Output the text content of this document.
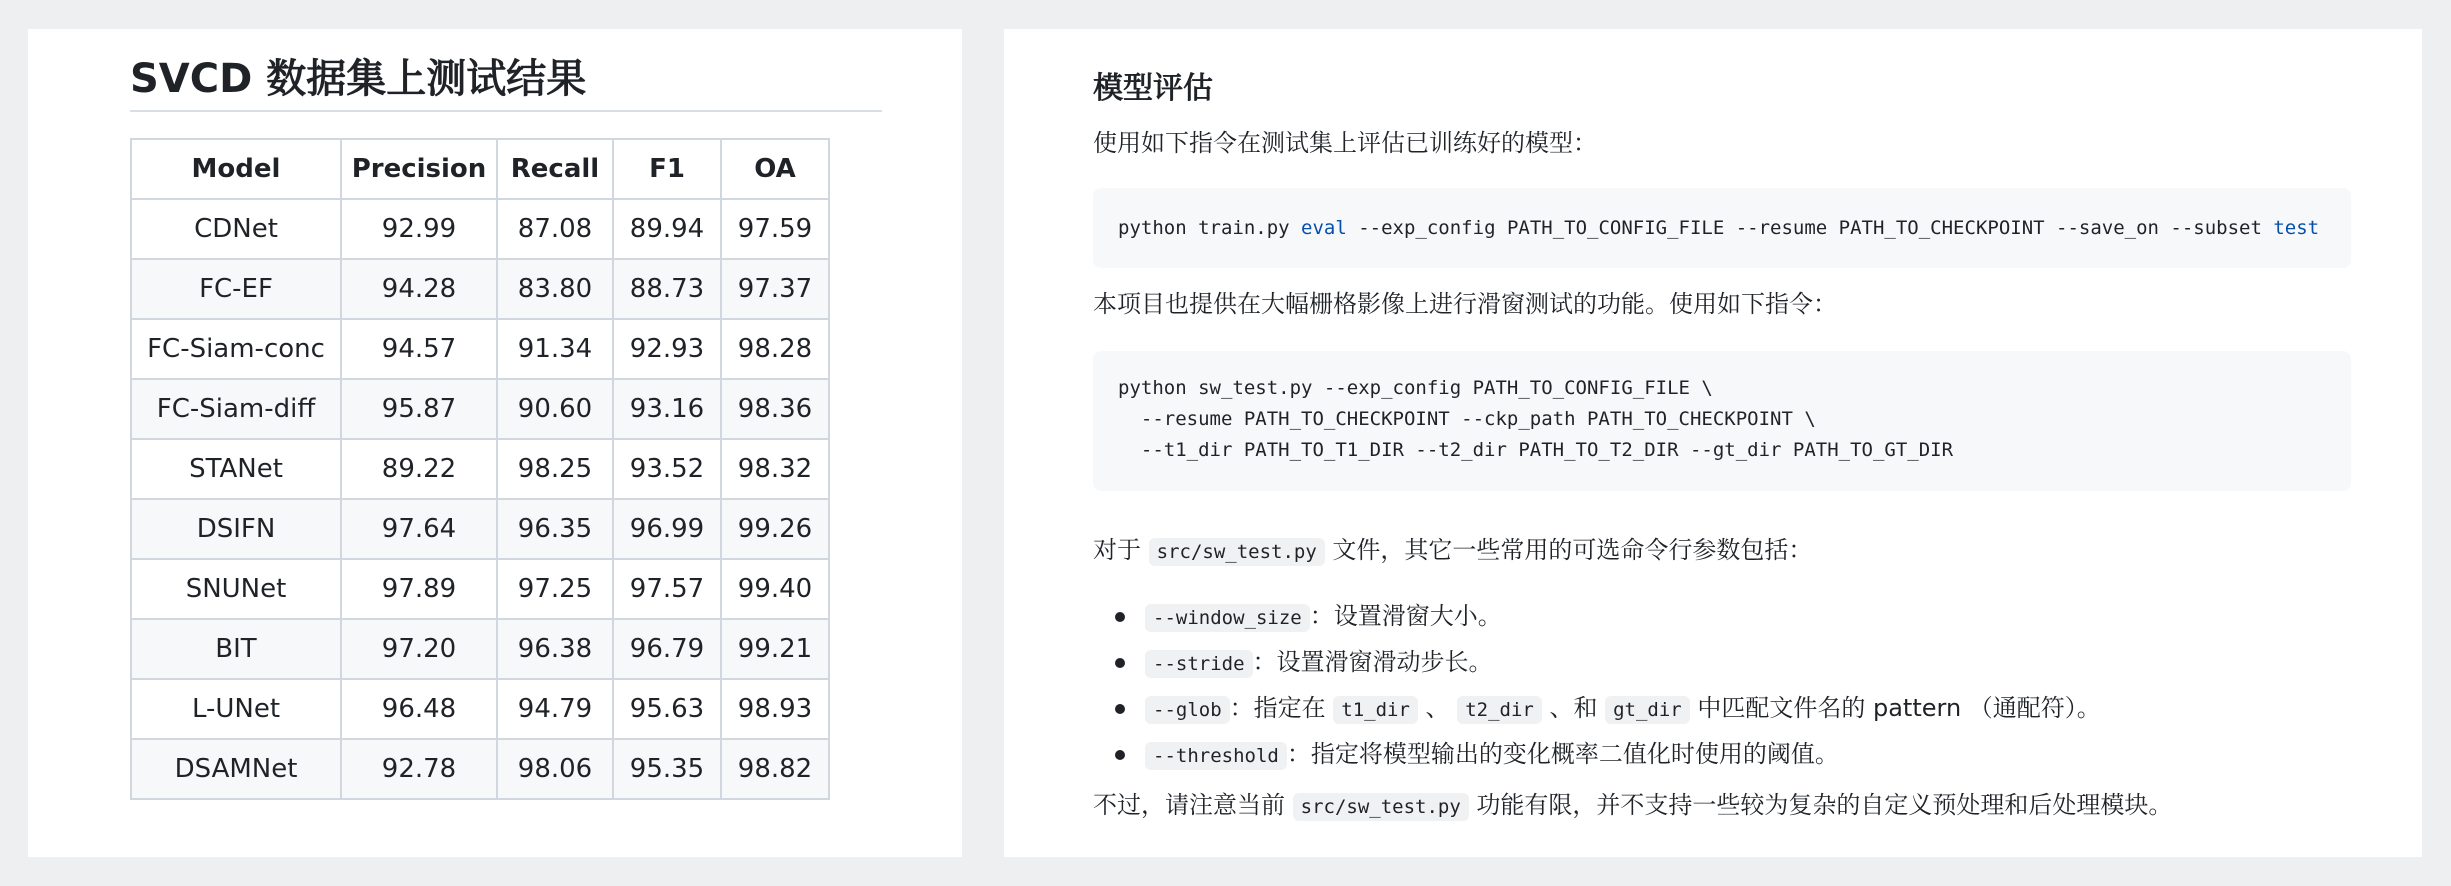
SVCD 数据集上测试结果
Model	Precision	Recall	F1	OA
CDNet	92.99	87.08	89.94	97.59
FC-EF	94.28	83.80	88.73	97.37
FC-Siam-conc	94.57	91.34	92.93	98.28
FC-Siam-diff	95.87	90.60	93.16	98.36
STANet	89.22	98.25	93.52	98.32
DSIFN	97.64	96.35	96.99	99.26
SNUNet	97.89	97.25	97.57	99.40
BIT	97.20	96.38	96.79	99.21
L-UNet	96.48	94.79	95.63	98.93
DSAMNet	92.78	98.06	95.35	98.82
模型评估

使用如下指令在测试集上评估已训练好的模型：

python train.py eval --exp_config PATH_TO_CONFIG_FILE --resume PATH_TO_CHECKPOINT --save_on --subset test

本项目也提供在大幅栅格影像上进行滑窗测试的功能。使用如下指令：

python sw_test.py --exp_config PATH_TO_CONFIG_FILE \
--resume PATH_TO_CHECKPOINT --ckp_path PATH_TO_CHECKPOINT \
--t1_dir PATH_TO_T1_DIR --t2_dir PATH_TO_T2_DIR --gt_dir PATH_TO_GT_DIR

对于 src/sw_test.py 文件，其它一些常用的可选命令行参数包括：

--window_size ：设置滑窗大小。
--stride ：设置滑窗滑动步长。
--glob ：指定在 t1_dir 、 t2_dir 、和 gt_dir 中匹配文件名的 pattern （通配符）。
--threshold ：指定将模型输出的变化概率二值化时使用的阈值。

不过，请注意当前 src/sw_test.py 功能有限，并不支持一些较为复杂的自定义预处理和后处理模块。
